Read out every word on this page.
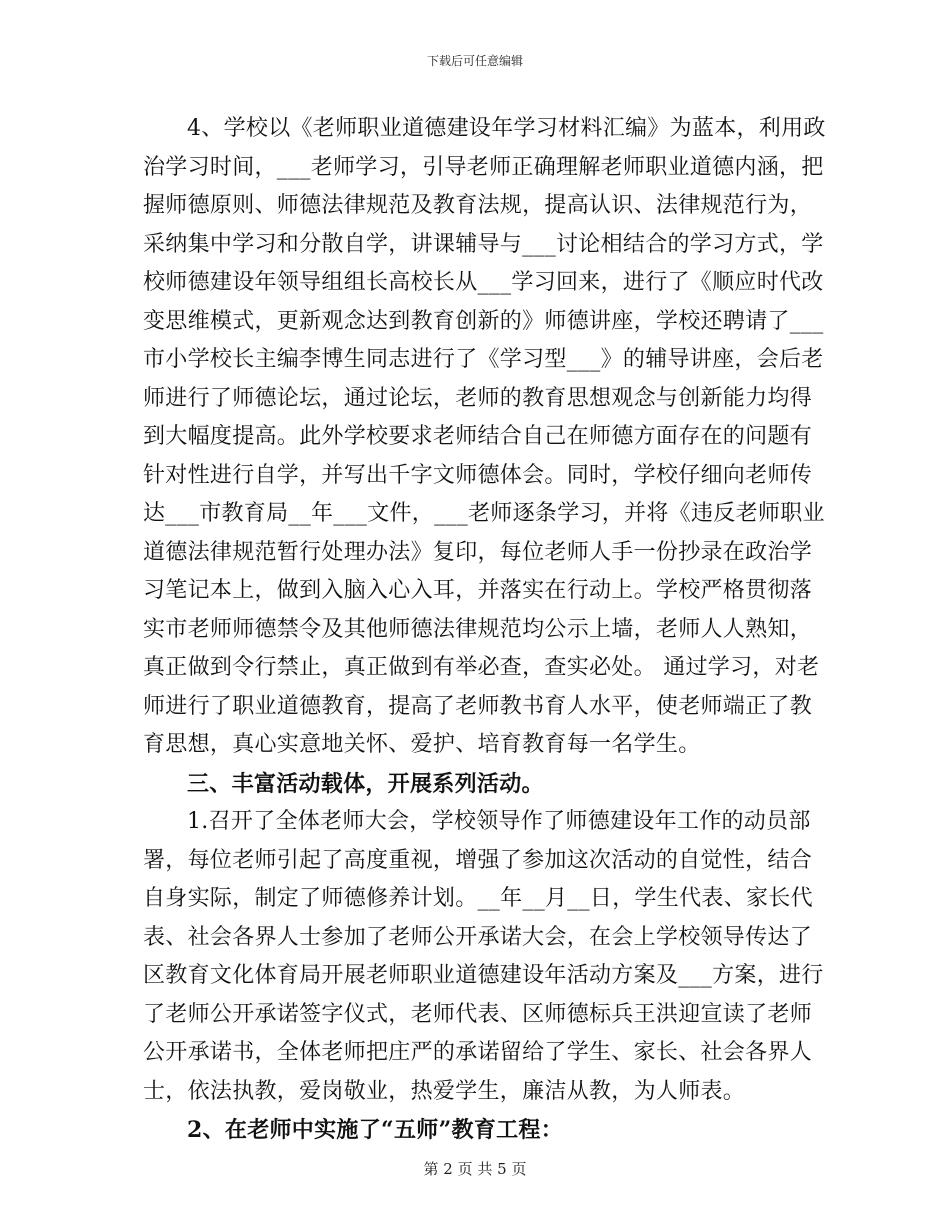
下载后可任意编辑
4、学校以《老师职业道德建设年学习材料汇编》为蓝本，利用政
治学习时间，___老师学习，引导老师正确理解老师职业道德内涵，把
握师德原则、师德法律规范及教育法规，提高认识、法律规范行为，
采纳集中学习和分散自学，讲课辅导与___讨论相结合的学习方式，学
校师德建设年领导组组长高校长从___学习回来，进行了《顺应时代改
变思维模式，更新观念达到教育创新的》师德讲座，学校还聘请了___
市小学校长主编李博生同志进行了《学习型___》的辅导讲座，会后老
师进行了师德论坛，通过论坛，老师的教育思想观念与创新能力均得
到大幅度提高。此外学校要求老师结合自己在师德方面存在的问题有
针对性进行自学，并写出千字文师德体会。同时，学校仔细向老师传
达___市教育局__年___文件，___老师逐条学习，并将《违反老师职业
道德法律规范暂行处理办法》复印，每位老师人手一份抄录在政治学
习笔记本上，做到入脑入心入耳，并落实在行动上。学校严格贯彻落
实市老师师德禁令及其他师德法律规范均公示上墙，老师人人熟知，
真正做到令行禁止，真正做到有举必查，查实必处。 通过学习，对老
师进行了职业道德教育，提高了老师教书育人水平，使老师端正了教
育思想，真心实意地关怀、爱护、培育教育每一名学生。
三、丰富活动载体，开展系列活动。
1.召开了全体老师大会，学校领导作了师德建设年工作的动员部
署，每位老师引起了高度重视，增强了参加这次活动的自觉性，结合
自身实际，制定了师德修养计划。__年__月__日，学生代表、家长代
表、社会各界人士参加了老师公开承诺大会，在会上学校领导传达了
区教育文化体育局开展老师职业道德建设年活动方案及___方案，进行
了老师公开承诺签字仪式，老师代表、区师德标兵王洪迎宣读了老师
公开承诺书，全体老师把庄严的承诺留给了学生、家长、社会各界人
士，依法执教，爱岗敬业，热爱学生，廉洁从教，为人师表。
2、在老师中实施了“五师”教育工程：
第 2 页 共 5 页
